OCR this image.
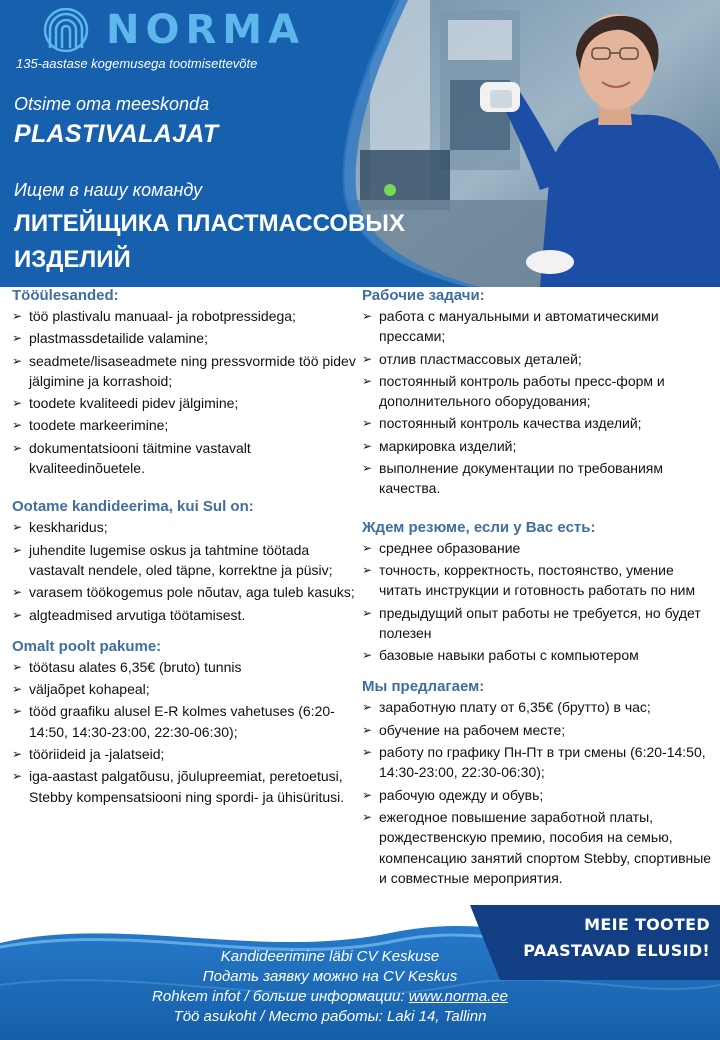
NORMA
135-aastase kogemusega tootmisettevõte
Otsime oma meeskonda
PLASTIVALAJAT
Ищем в нашу команду
ЛИТЕЙЩИКА ПЛАСТМАССОВЫХ ИЗДЕЛИЙ
Tööülesanded:
➢ töö plastivalu manuaal- ja robotpressidega;
➢ plastmassdetailide valamine;
➢ seadmete/lisaseadmete ning pressvormide töö pidev jälgimine ja korrashoid;
➢ toodete kvaliteedi pidev jälgimine;
➢ toodete markeerimine;
➢ dokumentatsiooni täitmine vastavalt kvaliteedinõuetele.
Ootame kandideerima, kui Sul on:
➢ keskharidus;
➢ juhendite lugemise oskus ja tahtmine töötada vastavalt nendele, oled täpne, korrektne ja püsiv;
➢ varasem töökogemus pole nõutav, aga tuleb kasuks;
➢ algteadmised arvutiga töötamisest.
Omalt poolt pakume:
➢ töötasu alates 6,35€ (bruto) tunnis
➢ väljaõpet kohapeal;
➢ tööd graafiku alusel E-R kolmes vahetuses (6:20-14:50, 14:30-23:00, 22:30-06:30);
➢ tööriideid ja -jalatseid;
➢ iga-aastast palgatõusu, jõulupreemiat, peretoetusi, Stebby kompensatsiooni ning spordi- ja ühisüritusi.
Рабочие задачи:
➢ работа с мануальными и автоматическими прессами;
➢ отлив пластмассовых деталей;
➢ постоянный контроль работы пресс-форм и дополнительного оборудования;
➢ постоянный контроль качества изделий;
➢ маркировка изделий;
➢ выполнение документации по требованиям качества.
Ждем резюме, если у Вас есть:
➢ среднее образование
➢ точность, корректность, постоянство, умение читать инструкции и готовность работать по ним
➢ предыдущий опыт работы не требуется, но будет полезен
➢ базовые навыки работы с компьютером
Мы предлагаем:
➢ заработную плату от 6,35€ (брутто) в час;
➢ обучение на рабочем месте;
➢ работу по графику Пн-Пт в три смены (6:20-14:50, 14:30-23:00, 22:30-06:30);
➢ рабочую одежду и обувь;
➢ ежегодное повышение заработной платы, рождественскую премию, пособия на семью, компенсацию занятий спортом Stebby, спортивные и совместные мероприятия.
MEIE TOOTED
PAASTAVAD ELUSID!
Kandideerimine läbi CV Keskuse
Подать заявку можно на CV Keskus
Rohkem infot / больше информации: www.norma.ee
Töö asukoht / Место работы: Laki 14, Tallinn
